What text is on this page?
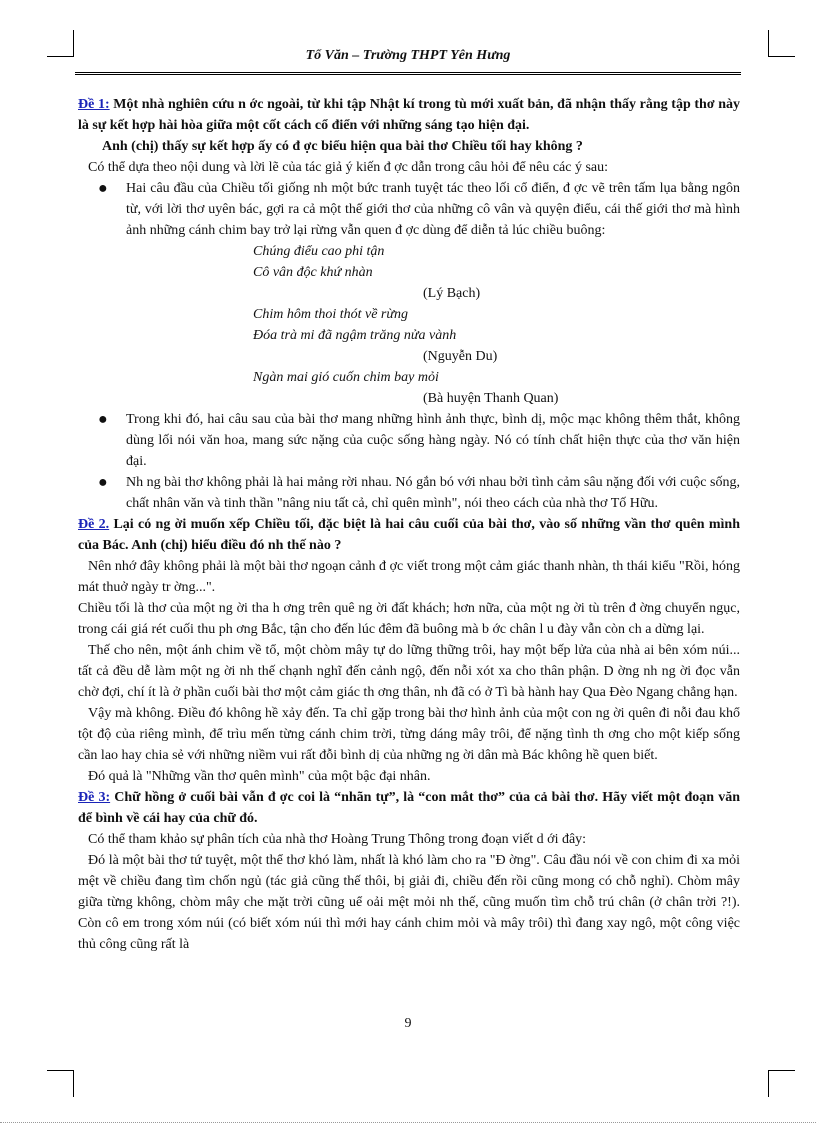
Tổ Văn – Trường THPT Yên Hưng

Đề 1: Một nhà nghiên cứu n ớc ngoài, từ khi tập Nhật kí trong tù mới xuất bản, đã nhận thấy rằng tập thơ này là sự kết hợp hài hòa giữa một cốt cách cổ điển với những sáng tạo hiện đại.

Anh (chị) thấy sự kết hợp ấy có đ ợc biểu hiện qua bài thơ Chiều tối hay không ?

Có thể dựa theo nội dung và lời lẽ của tác giả ý kiến đ ợc dẫn trong câu hỏi để nêu các ý sau:

● Hai câu đầu của Chiều tối giống nh một bức tranh tuyệt tác theo lối cổ điển, đ ợc vẽ trên tấm lụa bằng ngôn từ, với lời thơ uyên bác, gợi ra cả một thế giới thơ của những cô vân và quyện điểu, cái thế giới thơ mà hình ảnh những cánh chim bay trở lại rừng vẫn quen đ ợc dùng để diễn tả lúc chiều buông:

Chúng điểu cao phi tận

Cô vân độc khứ nhàn

(Lý Bạch)

Chim hôm thoi thót về rừng

Đóa trà mi đã ngậm trăng nửa vành

(Nguyễn Du)

Ngàn mai gió cuốn chim bay mỏi

(Bà huyện Thanh Quan)

● Trong khi đó, hai câu sau của bài thơ mang những hình ảnh thực, bình dị, mộc mạc không thêm thắt, không dùng lối nói văn hoa, mang sức nặng của cuộc sống hàng ngày. Nó có tính chất hiện thực của thơ văn hiện đại.
● Nh ng bài thơ không phải là hai mảng rời nhau. Nó gắn bó với nhau bởi tình cảm sâu nặng đối với cuộc sống, chất nhân văn và tinh thần "nâng niu tất cả, chỉ quên mình", nói theo cách của nhà thơ Tố Hữu.

Đề 2. Lại có ng ời muốn xếp Chiều tối, đặc biệt là hai câu cuối của bài thơ, vào số những vần thơ quên mình của Bác. Anh (chị) hiểu điều đó nh thế nào ?

Nên nhớ đây không phải là một bài thơ ngoạn cảnh đ ợc viết trong một cảm giác thanh nhàn, th thái kiểu "Rồi, hóng mát thuở ngày tr ờng...".

Chiều tối là thơ của một ng ời tha h ơng trên quê ng ời đất khách; hơn nữa, của một ng ời tù trên đ ờng chuyển ngục, trong cái giá rét cuối thu ph ơng Bắc, tận cho đến lúc đêm đã buông mà b ớc chân l u đày vẫn còn ch a dừng lại.

Thế cho nên, một ánh chim về tổ, một chòm mây tự do lững thững trôi, hay một bếp lửa của nhà ai bên xóm núi... tất cả đều dễ làm một ng ời nh thế chạnh nghĩ đến cảnh ngộ, đến nỗi xót xa cho thân phận. D ờng nh ng ời đọc vẫn chờ đợi, chí ít là ở phần cuối bài thơ một cảm giác th ơng thân, nh đã có ở Tì bà hành hay Qua Đèo Ngang chẳng hạn.

Vậy mà không. Điều đó không hề xảy đến. Ta chỉ gặp trong bài thơ hình ảnh của một con ng ời quên đi nỗi đau khổ tột độ của riêng mình, để trìu mến từng cánh chim trời, từng dáng mây trôi, để nặng tình th ơng cho một kiếp sống cần lao hay chia sẻ với những niềm vui rất đỗi bình dị của những ng ời dân mà Bác không hề quen biết.

Đó quả là "Những vần thơ quên mình" của một bậc đại nhân.

Đề 3: Chữ hồng ở cuối bài vẫn đ ợc coi là “nhãn tự”, là “con mắt thơ” của cả bài thơ. Hãy viết một đoạn văn để bình về cái hay của chữ đó.

Có thể tham khảo sự phân tích của nhà thơ Hoàng Trung Thông trong đoạn viết d ới đây:

Đó là một bài thơ tứ tuyệt, một thể thơ khó làm, nhất là khó làm cho ra "Đ ờng". Câu đầu nói về con chim đi xa mỏi mệt về chiều đang tìm chốn ngủ (tác giả cũng thế thôi, bị giải đi, chiều đến rồi cũng mong có chỗ nghỉ). Chòm mây giữa từng không, chòm mây che mặt trời cũng uể oải mệt mỏi nh thế, cũng muốn tìm chỗ trú chân (ở chân trời ?!). Còn cô em trong xóm núi (có biết xóm núi thì mới hay cánh chim mỏi và mây trôi) thì đang xay ngô, một công việc thủ công cũng rất là

9
